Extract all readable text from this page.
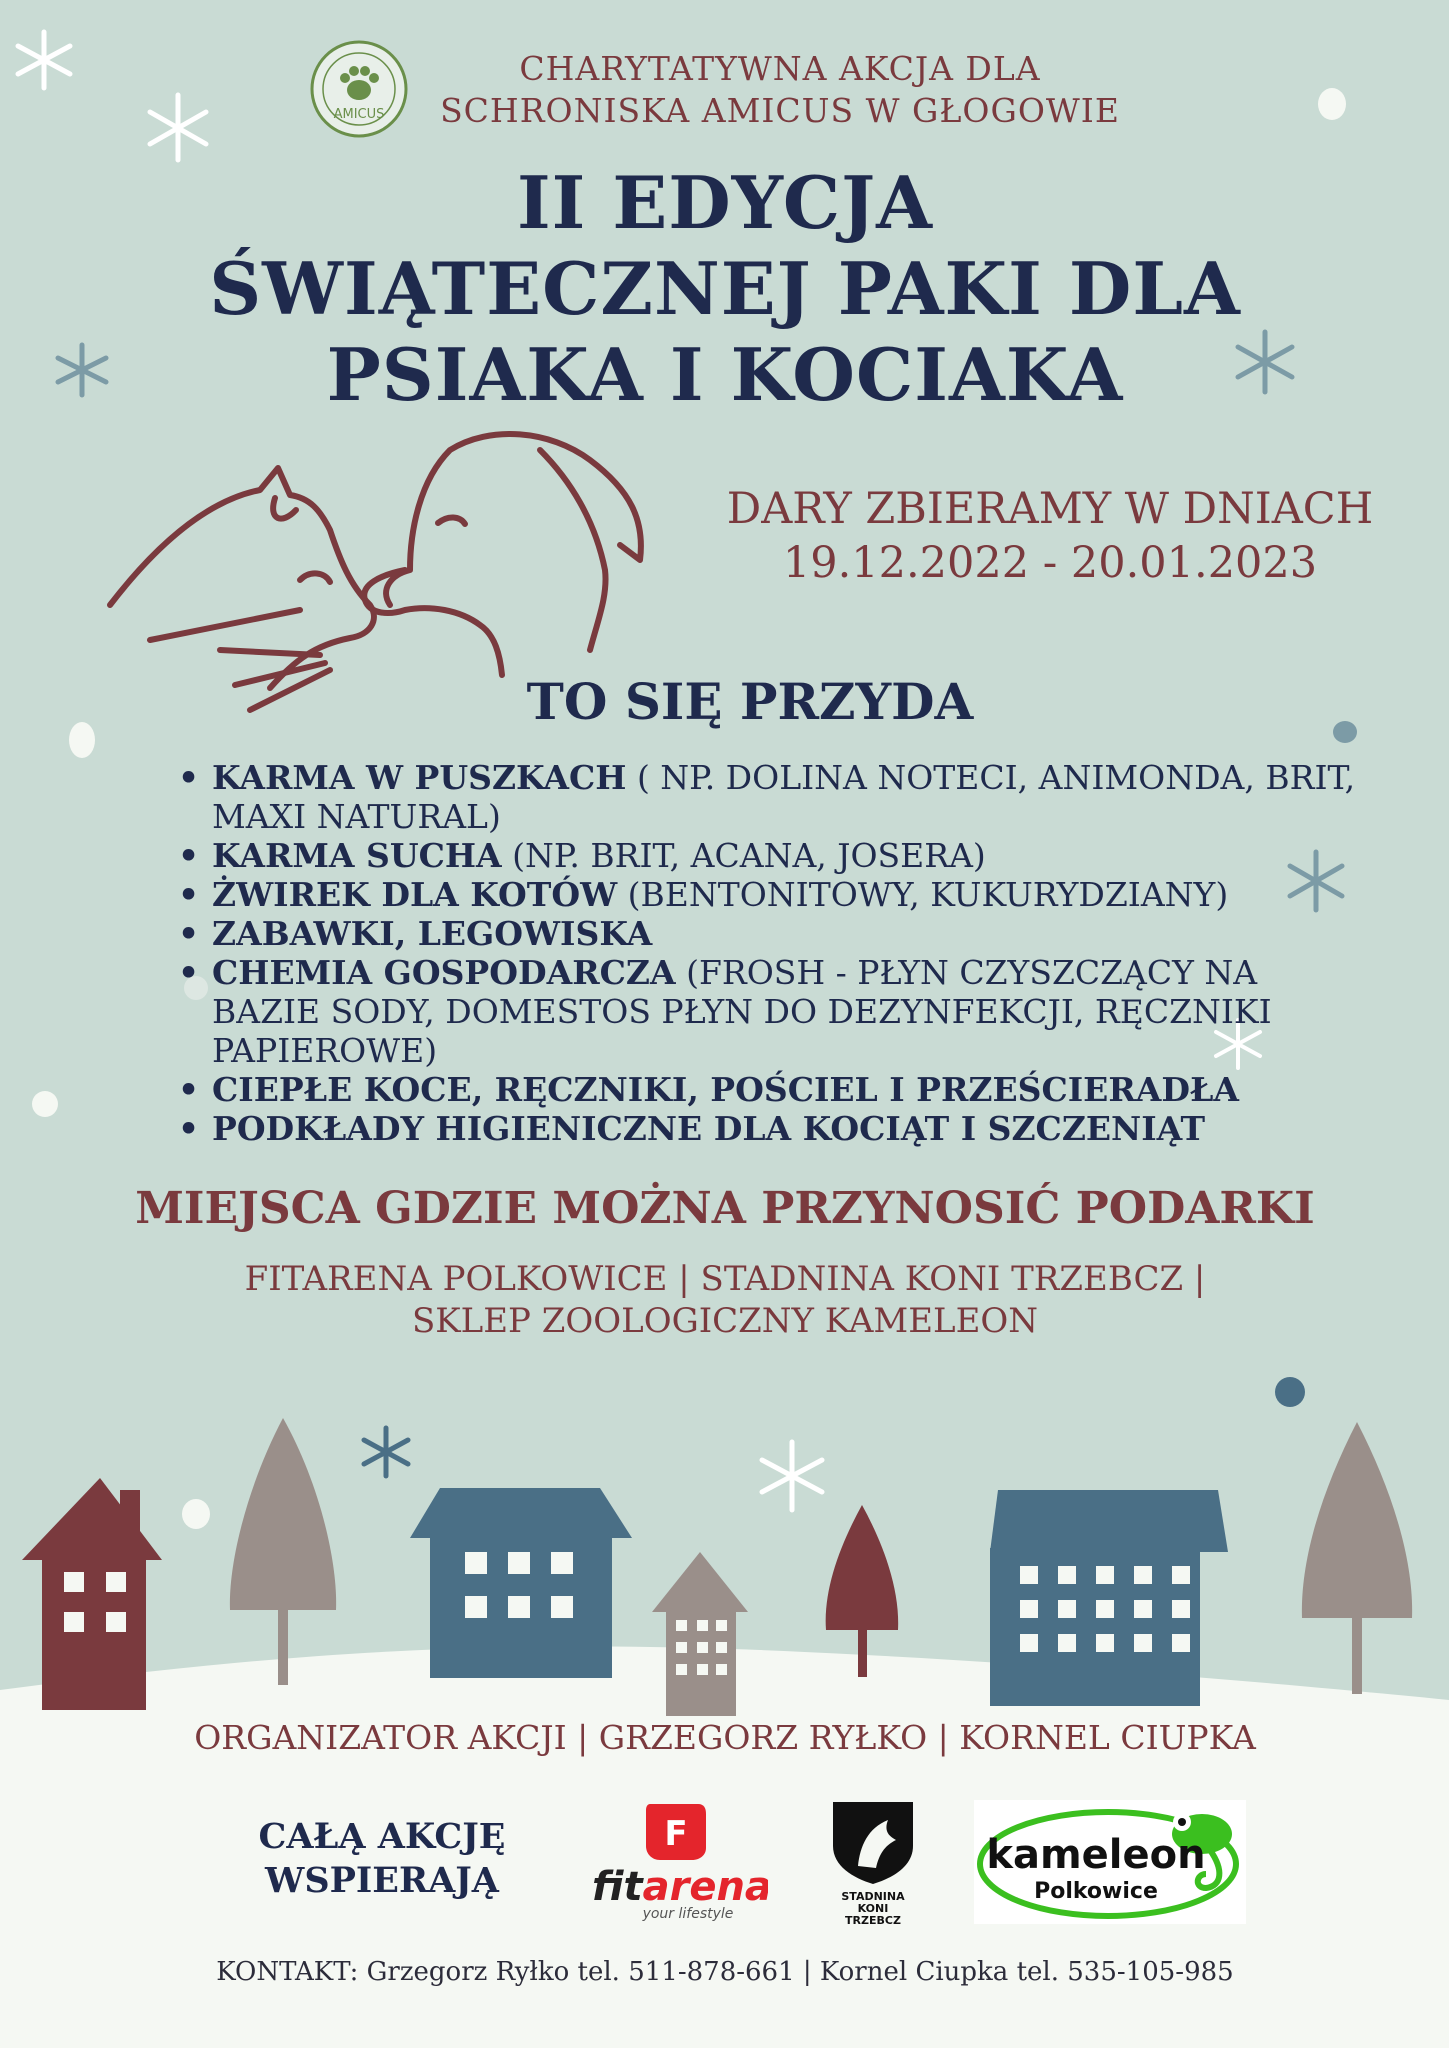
AMICUS
CHARYTATYWNA AKCJA DLA
SCHRONISKA AMICUS W GŁOGOWIE
II EDYCJA
ŚWIĄTECZNEJ PAKI DLA
PSIAKA I KOCIAKA
DARY ZBIERAMY W DNIACH
19.12.2022 - 20.01.2023
TO SIĘ PRZYDA
• KARMA W PUSZKACH ( NP. DOLINA NOTECI, ANIMONDA, BRIT, MAXI NATURAL)
• KARMA SUCHA (NP. BRIT, ACANA, JOSERA)
• ŻWIREK DLA KOTÓW (BENTONITOWY, KUKURYDZIANY)
• ZABAWKI, LEGOWISKA
• CHEMIA GOSPODARCZA (FROSH - PŁYN CZYSZCZĄCY NA BAZIE SODY, DOMESTOS PŁYN DO DEZYNFEKCJI, RĘCZNIKI PAPIEROWE)
• CIEPŁE KOCE, RĘCZNIKI, POŚCIEL I PRZEŚCIERADŁA
• PODKŁADY HIGIENICZNE DLA KOCIĄT I SZCZENIĄT
MIEJSCA GDZIE MOŻNA PRZYNOSIĆ PODARKI
FITARENA POLKOWICE | STADNINA KONI TRZEBCZ |
SKLEP ZOOLOGICZNY KAMELEON
ORGANIZATOR AKCJI | GRZEGORZ RYŁKO | KORNEL CIUPKA
CAŁĄ AKCJĘ
WSPIERAJĄ
F
fitarena
your lifestyle
STADNINA
KONI
TRZEBCZ
kameleon
Polkowice
KONTAKT: Grzegorz Ryłko tel. 511-878-661 | Kornel Ciupka tel. 535-105-985
